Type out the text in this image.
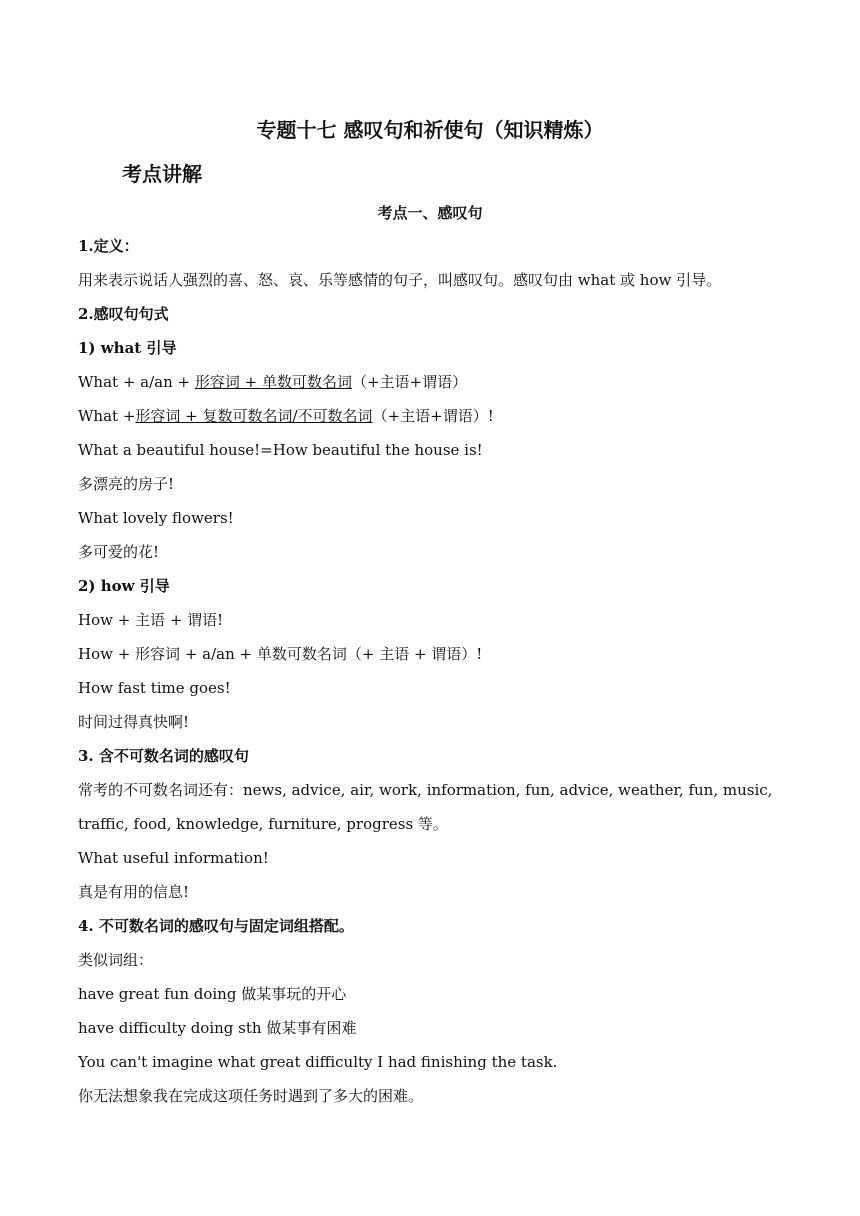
专题十七 感叹句和祈使句（知识精炼）
考点讲解
考点一、感叹句
1.定义：
用来表示说话人强烈的喜、怒、哀、乐等感情的句子，叫感叹句。感叹句由 what 或 how 引导。
2.感叹句句式
1) what 引导
What + a/an + 形容词 + 单数可数名词（+主语+谓语）
What +形容词 + 复数可数名词/不可数名词（+主语+谓语）!
What a beautiful house!=How beautiful the house is!
多漂亮的房子!
What lovely flowers!
多可爱的花!
2) how 引导
How + 主语 + 谓语!
How + 形容词 + a/an + 单数可数名词（+ 主语 + 谓语）!
How fast time goes!
时间过得真快啊!
3. 含不可数名词的感叹句
常考的不可数名词还有：news, advice, air, work, information, fun, advice, weather, fun, music,
traffic, food, knowledge, furniture, progress 等。
What useful information!
真是有用的信息!
4. 不可数名词的感叹句与固定词组搭配。
类似词组：
have great fun doing 做某事玩的开心
have difficulty doing sth 做某事有困难
You can't imagine what great difficulty I had finishing the task.
你无法想象我在完成这项任务时遇到了多大的困难。
